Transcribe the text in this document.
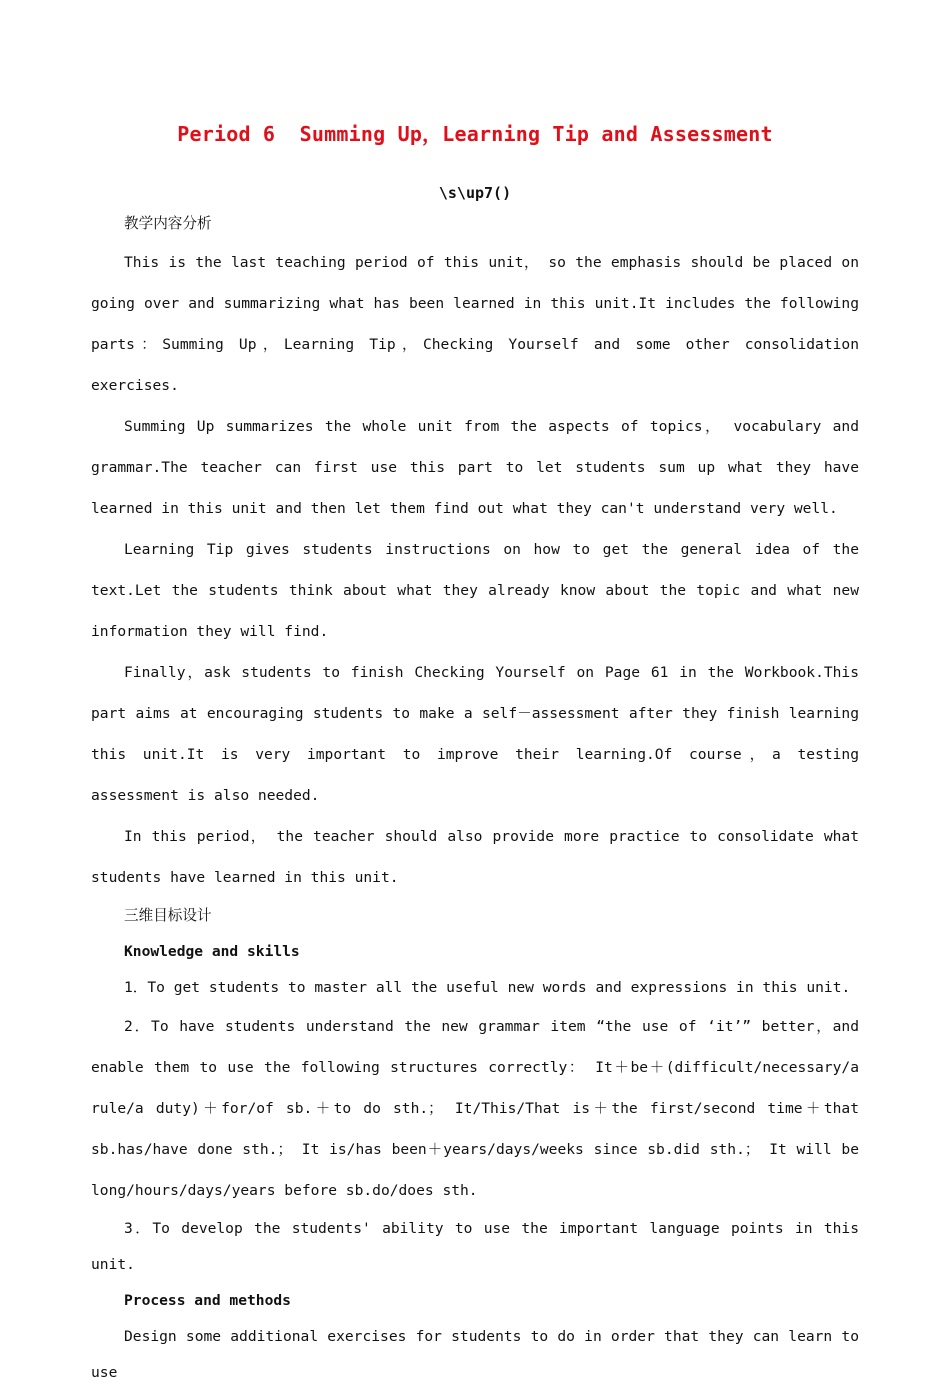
Period 6  Summing Up，Learning Tip and Assessment
\s\up7()

教学内容分析

This is the last teaching period of this unit， so the emphasis should be placed on going over and summarizing what has been learned in this unit.It includes the following parts：Summing Up，Learning Tip，Checking Yourself and some other consolidation exercises.

Summing Up summarizes the whole unit from the aspects of topics， vocabulary and grammar.The teacher can first use this part to let students sum up what they have learned in this unit and then let them find out what they can't understand very well.

Learning Tip gives students instructions on how to get the general idea of the text.Let the students think about what they already know about the topic and what new information they will find.

Finally，ask students to finish Checking Yourself on Page 61 in the Workbook.This part aims at encouraging students to make a self－assessment after they finish learning this unit.It is very important to improve their learning.Of course，a testing assessment is also needed.

In this period， the teacher should also provide more practice to consolidate what students have learned in this unit.

三维目标设计

Knowledge and skills

1．To get students to master all the useful new words and expressions in this unit.

2．To have students understand the new grammar item “the use of ‘it’” better，and enable them to use the following structures correctly： It＋be＋(difficult/necessary/a rule/a duty)＋for/of sb.＋to do sth.； It/This/That is＋the first/second time＋that sb.has/have done sth.； It is/has been＋years/days/weeks since sb.did sth.； It will be long/hours/days/years before sb.do/does sth.

3．To develop the students' ability to use the important language points in this unit.

Process and methods

Design some additional exercises for students to do in order that they can learn to use
